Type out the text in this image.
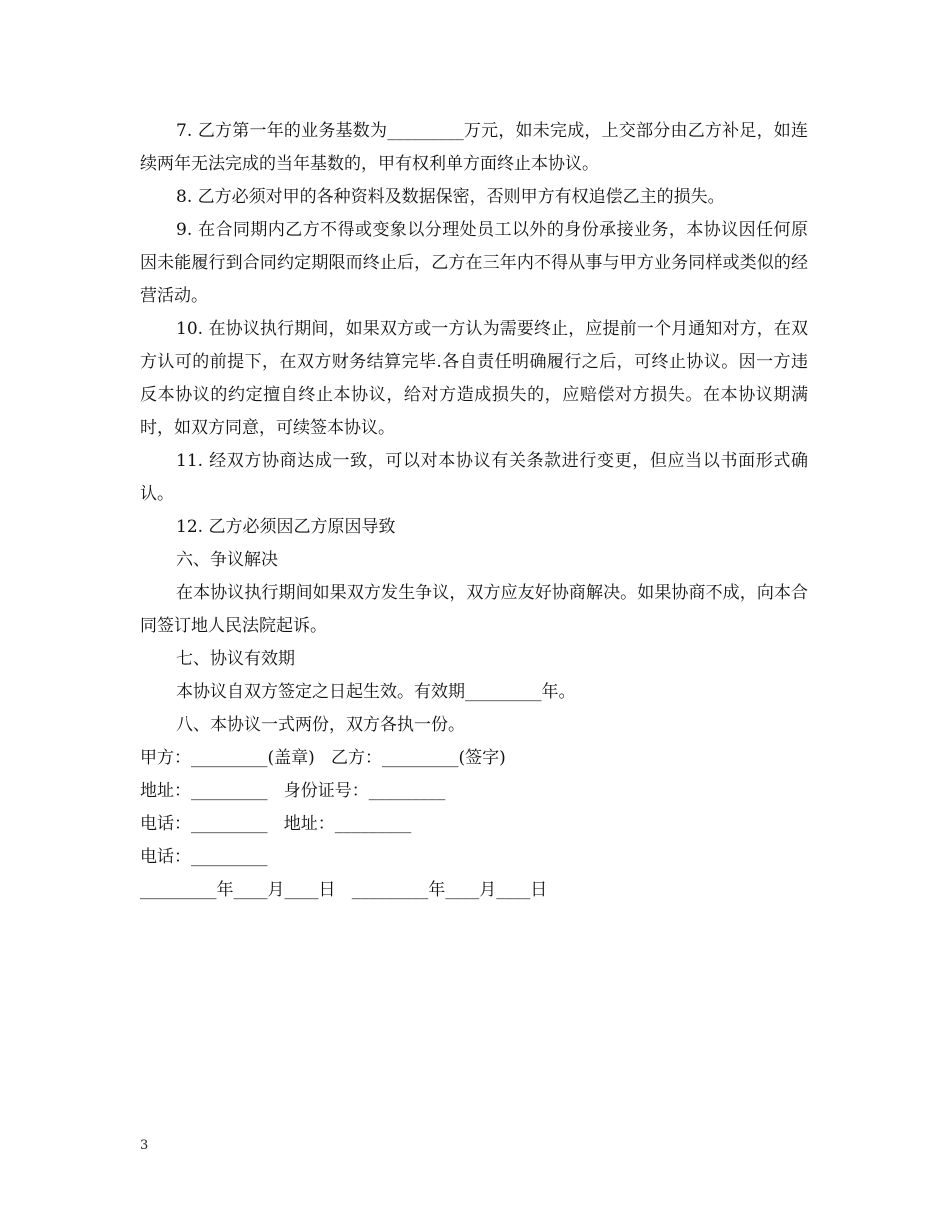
7. 乙方第一年的业务基数为_________万元，如未完成，上交部分由乙方补足，如连续两年无法完成的当年基数的，甲有权利单方面终止本协议。

8. 乙方必须对甲的各种资料及数据保密，否则甲方有权追偿乙主的损失。

9. 在合同期内乙方不得或变象以分理处员工以外的身份承接业务，本协议因任何原因未能履行到合同约定期限而终止后，乙方在三年内不得从事与甲方业务同样或类似的经营活动。

10. 在协议执行期间，如果双方或一方认为需要终止，应提前一个月通知对方，在双方认可的前提下，在双方财务结算完毕.各自责任明确履行之后，可终止协议。因一方违反本协议的约定擅自终止本协议，给对方造成损失的，应赔偿对方损失。在本协议期满时，如双方同意，可续签本协议。

11. 经双方协商达成一致，可以对本协议有关条款进行变更，但应当以书面形式确认。

12. 乙方必须因乙方原因导致

六、争议解决

在本协议执行期间如果双方发生争议，双方应友好协商解决。如果协商不成，向本合同签订地人民法院起诉。

七、协议有效期

本协议自双方签定之日起生效。有效期_________年。

八、本协议一式两份，双方各执一份。

甲方：_________(盖章)   乙方：_________(签字)

地址：_________   身份证号：_________

电话：_________   地址：_________

电话：_________

_________年____月____日   _________年____月____日

3
